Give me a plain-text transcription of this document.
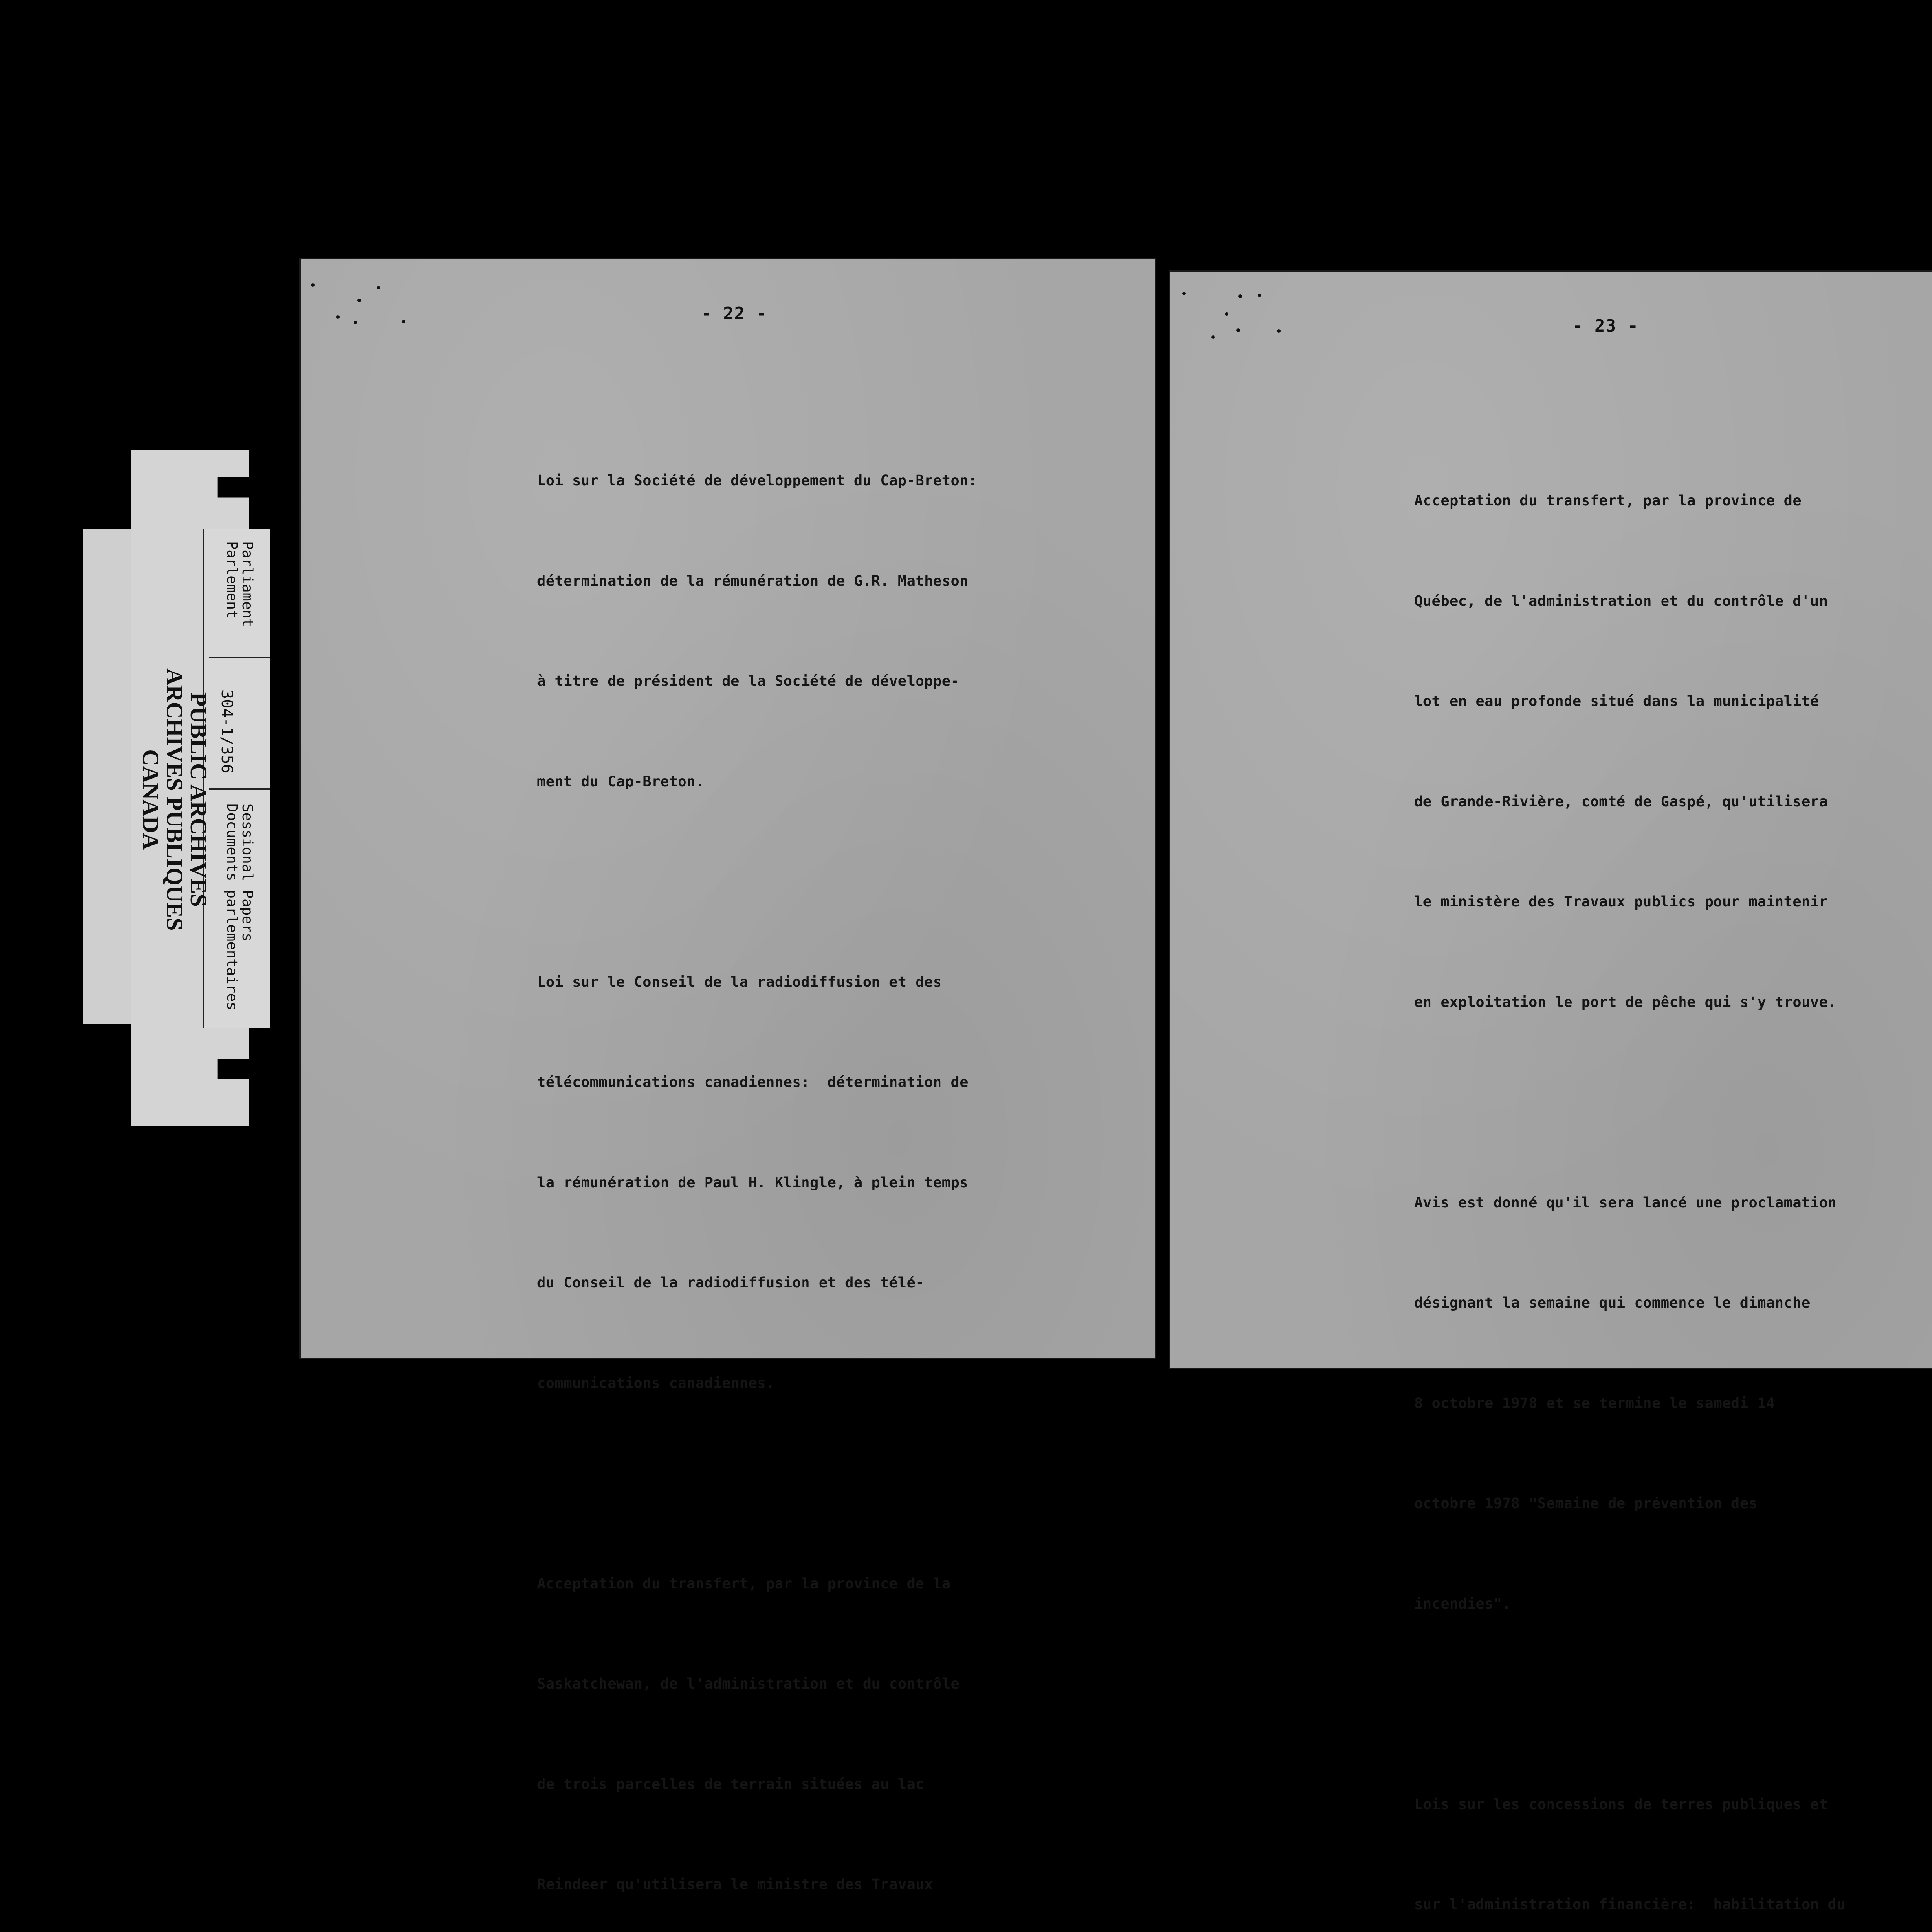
PUBLIC ARCHIVES
ARCHIVES PUBLIQUES
CANADA
Parliament
Parlement
304-1/356
Sessional Papers
Documents parlementaires
- 22 -

Loi sur la Société de développement du Cap-Breton:

détermination de la rémunération de G.R. Matheson

à titre de président de la Société de développe-

ment du Cap-Breton.

Loi sur le Conseil de la radiodiffusion et des

télécommunications canadiennes:  détermination de

la rémunération de Paul H. Klingle, à plein temps

du Conseil de la radiodiffusion et des télé-

communications canadiennes.

Acceptation du transfert, par la province de la

Saskatchewan, de l'administration et du contrôle

de trois parcelles de terrain situées au lac

Reindeer qu'utilisera le ministre des Travaux

- 23 -

Acceptation du transfert, par la province de

Québec, de l'administration et du contrôle d'un

lot en eau profonde situé dans la municipalité

de Grande-Rivière, comté de Gaspé, qu'utilisera

le ministère des Travaux publics pour maintenir

en exploitation le port de pêche qui s'y trouve.

Avis est donné qu'il sera lancé une proclamation

désignant la semaine qui commence le dimanche

8 octobre 1978 et se termine le samedi 14

octobre 1978 "Semaine de prévention des

incendies".

Lois sur les concessions de terres publiques et

sur l'administration financière:  habilitation du
